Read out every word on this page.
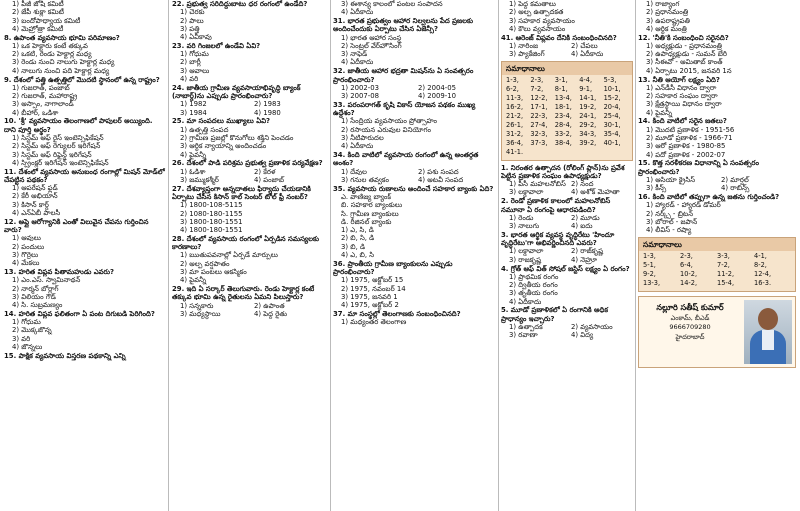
1) పీజీ జోషి కమిటీ
2) జేపీ శుక్లా కమిటీ
3) బందోపాధ్యాయ కమిటీ
4) మెహ్రోత్రా కమిటీ
8. ఉపాంత వ్యవసాయ భూమి పరిమాణం?
1) ఒక హెక్టారు కంటే తక్కువ
2) ఒకటి, రెండు హెక్టార్ల మధ్య
3) రెండు నుంచి నాలుగు హెక్టార్ల మధ్య
4) నాలుగు నుంచి పది హెక్టార్ల మధ్య
9. దేశంలో పత్తి ఉత్పత్తిలో మొదటి స్థానంలో ఉన్న రాష్ట్రం?
1) గుజరాత్, పంజాబ్
2) గుజరాత్, మహారాష్ట్ర
3) అస్సాం, నాగాలాండ్
4) బీహార్, ఒడిశా
10. 'శ్రీ' వ్యవసాయం తెలంగాణలో పాపులర్ అయ్యింది. దాని పూర్తి అర్థం?
1) సిస్టమ్ ఆఫ్ రైస్ ఇంటెన్సిఫికేషన్
2) సిస్టమ్ ఆఫ్ రెగ్యులర్ ఇరిగేషన్
3) సిస్టమ్ ఆఫ్ రిఫైన్డ్ ఇరిగేషన్
4) స్ప్రింక్లర్ ఇరిగేషన్ ఇంటెన్సిఫికేషన్
11. దేశంలో వ్యవసాయ అనుబంధ రంగాల్లో మిషన్ మోడ్‌లో చేపట్టిన పథకం?
1) ఆపరేషన్ ఫ్లడ్
2) కేరీ అభియాన్
3) కిసాన్ కార్డ్
4) ఎన్ఏబీ పాలసీ
12. అప్లై ఆరోగ్యానికి ఎంతో విలువైన చేపను గుర్తించిన వారు?
1) ఆవులు
2) పందులు
3) గొర్రెలు
4) మేకలు
13. హరిత విప్లవ పితామహుడు ఎవరు?
1) ఎం.ఎస్. స్వామినాథన్
2) నార్మన్ బోర్లాగ్
3) విలియం గౌడ్
4) సి. సుబ్రమణ్యం
14. హరిత విప్లవ ఫలితంగా ఏ పంట దిగుబడి పెరిగింది?
1) గోధుమ
2) మొక్కజొన్న
3) వరి
4) జొన్నలు
15. పాక్షిక వ్యవసాయ విస్తరణ పథకాన్ని ఎన్ని
22. ప్రభుత్వ సరిదిద్దుబాటు ధర రంగంలో ఉండేది?
1) చెరకు
2) పాలు
3) పత్తి
4) ఏవీకావు
23. వరి గింజలలో ఉండేవి ఏవి?
1) గోధుమ
2) బార్లీ
3) ఆవాలు
4) వరి
24. జాతీయ గ్రామీణ వ్యవసాయాభివృద్ధి బ్యాంక్ (నాబార్డ్)ను ఎప్పుడు ప్రారంభించారు?
1) 1982	2) 1983
3) 1984	4) 1980
25. మా సంపదలు ముఖ్యాలు ఏవి?
1) ఉత్పత్తి సంపద
2) గ్రామీణ ప్రజల్లో కొనుగోలు శక్తిని పెంచడం
3) ఆర్థిక న్యాయాన్ని అందించడం
4) పైవన్నీ
26. దేశంలో పాడి పరిశ్రమ ప్రభుత్వ ప్రణాళిక పర్యవేక్షణ?
1) ఓడిశా	2) కేరళ
3) జమ్ముకశ్మీర్	4) పంజాబ్
27. దేశవ్యాప్తంగా అన్నదాతలు ఫిర్యాదు చేయడానికి ఏర్పాటు చేసిన కిసాన్ కాల్ సెంటర్ టోల్ ఫ్రీ నంబర్?
1) 1800-108-5115
2) 1080-180-1155
3) 1800-180-1551
4) 1800-180-1551
28. దేశంలో వ్యవసాయ రంగంలో ఏర్పడిన సమస్యలకు కారణాలు?
1) ఋతుపవనాల్లో ఏర్పడే మార్పులు
2) అల్ప వర్షపాతం
3) మా పంటలు ఆకస్మికం
4) పైవన్నీ
29. ఇది ఏ సర్కార్ తెలుగువారు. రెండు హెక్టార్ల కంటే తక్కువ భూమి ఉన్న రైతులను ఏమని పిలుస్తారు?
1) సన్నకారు	2) ఉపాంత
3) మధ్యస్థాయి	4) పెద్ద రైతు
3) ఈశాన్య కాలంలో పంటల సంపాదన
4) ఏదీకాదు
31. భారత ప్రభుత్వం ఆహార నిల్వలను పేద ప్రజలకు అందించేందుకు ఏర్పాటు చేసిన ఏజెన్సీ?
1) భారత ఆహార సంస్థ
2) సెంట్రల్ వేర్‌హౌసింగ్
3) నాఫెడ్
4) ఏదీకాదు
32. జాతీయ ఆహార భద్రతా మిషన్‌ను ఏ సంవత్సరం ప్రారంభించారు?
1) 2002-03	2) 2004-05
3) 2007-08	4) 2009-10
33. పరంపరాగత్ కృషి వికాస్ యోజన పథకం ముఖ్య ఉద్దేశం?
1) సేంద్రియ వ్యవసాయం ప్రోత్సాహం
2) రసాయన ఎరువుల వినియోగం
3) నీటిపారుదల
4) ఏదీకాదు
34. కింది వాటిలో వ్యవసాయ రంగంలో ఉన్న అంతర్గత అంశం?
1) దేవుల	2) పశు సంపద
3) గనుల తవ్వకం	4) అటవీ సంపద
35. వ్యవసాయ రుణాలను అందించే సహకార బ్యాంకు ఏది?
ఎ. వాణిజ్య బ్యాంక్
బి. సహకార బ్యాంకులు
సి. గ్రామీణ బ్యాంకులు
డి. రీజినల్ బ్యాంకు
1) ఎ, సి, డి
2) బి, సి, డి
3) బి, డి
4) ఎ, బి, సి
36. ప్రాంతీయ గ్రామీణ బ్యాంకులను ఎప్పుడు ప్రారంభించారు?
1) 1975, అక్టోబర్ 15
2) 1975, నవంబర్ 14
3) 1975, జనవరి 1
4) 1975, అక్టోబర్ 2
37. మా సంస్థల్లో తెలంగాణకు సంబంధించినది?
1) మధ్యంతర తెలంగాణ
1) పెద్ద కమతాలు
2) అల్ప ఉత్పాదకత
3) సహకార వ్యవసాయం
4) కౌలు వ్యవసాయం
41. ఆరెంజ్ విప్లవం దేనికి సంబంధించినది?
1) నారింజ	2) చేపలు
3) ప్యాకేజింగ్	4) ఏదీకాదు
సమాధానాలు
1-3,	2-3,	3-1,	4-4,	5-3,
6-2,	7-2,	8-1,	9-1,	10-1,
11-3,	12-2,	13-4,	14-1,	15-2,
16-2,	17-1,	18-1,	19-2,	20-4,
21-2,	22-3,	23-4,	24-1,	25-4,
26-1,	27-4,	28-4,	29-2,	30-1,
31-2,	32-3,	33-2,	34-3,	35-4,
36-4,	37-3,	38-4,	39-2,	40-1,
41-1.
1. నిరంతర ఉత్పాదన (రోలింగ్ ప్లాన్)ను ప్రవేశ పెట్టిన ప్రణాళిక సంఘం ఉపాధ్యక్షుడు?
1) పీసీ మహలనోబిస్ 2) నంద
3) లక్డావాలా	4) అశోక్ మెహతా
2. రెండో ప్రణాళిక కాలంలో మహలనోబిస్ నమూనా ఏ రంగంపై ఆధారపడింది?
1) రెండు	2) మూడు
3) నాలుగు	4) ఐదు
3. భారత ఆర్థిక వ్యవస్థ వృద్ధిరేటు 'హిందూ వృద్ధిరేటు'గా అభివర్ణించినది ఎవరు?
1) లక్డావాలా	2) రాజ్‌కృష్ణ
3) రాజకృష్ణ	4) నెహ్రూ
4. గ్రోత్ ఆఫ్ విత్ సోషల్ జస్టిస్ లక్ష్యం ఏ రంగం?
1) ప్రాథమిక రంగం
2) ద్వితీయ రంగం
3) తృతీయ రంగం
4) ఏదీకాదు
5. మూడో ప్రణాళికలో ఏ రంగానికి అధిక ప్రాధాన్యం ఇచ్చారు?
1) ఉత్పాదక	2) వ్యవసాయం
3) రవాణా	4) విద్య
1) రాజ్యాంగ
2) ప్రధానమంత్రి
3) ఉపరాష్ట్రపతి
4) ఆర్థిక మంత్రి
12. 'నీతి'కి సంబంధించి సరైనది?
1) అధ్యక్షుడు - ప్రధానమంత్రి
2) ఉపాధ్యక్షుడు - సుమన్ బేరి
3) సీఈవో - అమితాబ్ కాంత్
4) ఏర్పాటు 2015, జనవరి 1న
13. నీతి ఆయోగ్ లక్ష్యం ఏది?
1) ఎన్‌డీసీ విధానం ద్వారా
2) సహకార సంఘం ద్వారా
3) క్షేత్రస్థాయి విధానం ద్వారా
4) పైవన్నీ
14. కింది వాటిలో సరైన జతలు?
1) మొదటి ప్రణాళిక - 1951-56
2) మూడో ప్రణాళిక - 1966-71
3) ఆరో ప్రణాళిక - 1980-85
4) పదో ప్రణాళిక - 2002-07
15. కొత్త సరళీకరణ విధానాన్ని ఏ సంవత్సరం ప్రారంభించారు?
1) ఆసియా క్రైసిస్	2) మార్షల్
3) కీన్స్	4) రాబిన్స్
16. కింది వాటిలో తప్పుగా ఉన్న జతను గుర్తించండి?
1) హ్యారడ్ - హ్యారడ్ డోమర్
2) నర్క్స్ - బ్రిటన్
3) బోరాల్ - జపాన్
4) లీవిస్ - రష్యా
సమాధానాలు
1-3,	2-3,	3-3,	4-1,
5-1,	6-4,	7-2,	8-2,
9-2,	10-2,	11-2,	12-4,
13-3,	14-2,	15-4,	16-3.
నల్లూరి సతీష్ కుమార్
ఎంకామ్, బీఎడ్
9666709280
హైదరాబాద్
